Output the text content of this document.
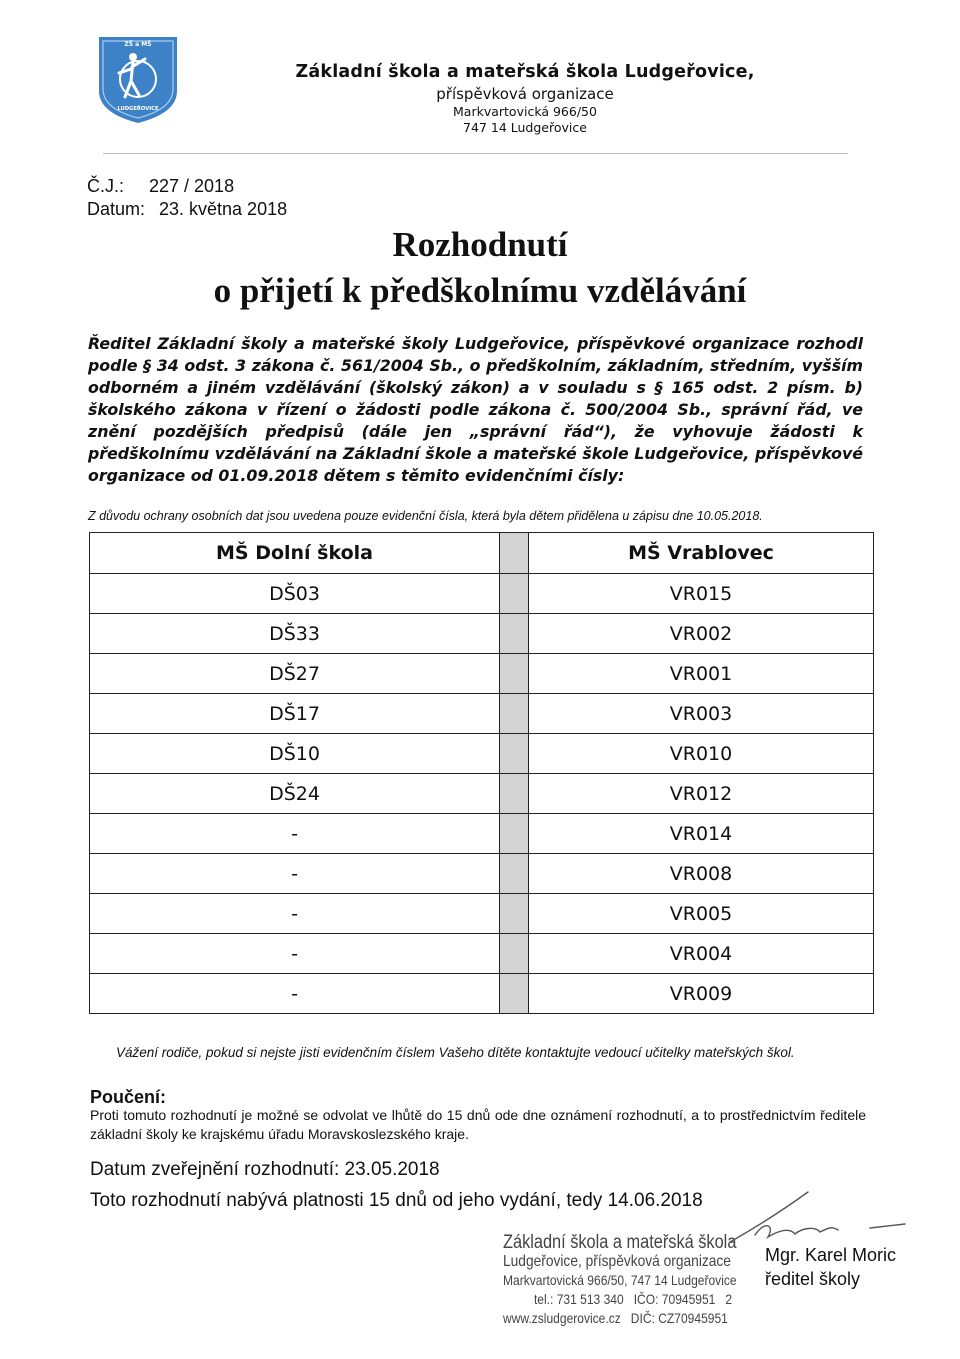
ZŠ a MŠ
LUDGEŘOVICE
Základní škola a mateřská škola Ludgeřovice,
příspěvková organizace
Markvartovická 966/50
747 14 Ludgeřovice
Č.J.: 227 / 2018
Datum: 23. května 2018
Rozhodnutí
o přijetí k předškolnímu vzdělávání
Ředitel Základní školy a mateřské školy Ludgeřovice, příspěvkové organizace rozhodl podle § 34 odst. 3 zákona č. 561/2004 Sb., o předškolním, základním, středním, vyšším odborném a jiném vzdělávání (školský zákon) a v souladu s § 165 odst. 2 písm. b) školského zákona v řízení o žádosti podle zákona č. 500/2004 Sb., správní řád, ve znění pozdějších předpisů (dále jen „správní řád“), že vyhovuje žádosti k předškolnímu vzdělávání na Základní škole a mateřské škole Ludgeřovice, příspěvkové organizace od 01.09.2018 dětem s těmito evidenčními čísly:
Z důvodu ochrany osobních dat jsou uvedena pouze evidenční čísla, která byla dětem přidělena u zápisu dne 10.05.2018.
MŠ Dolní škola		MŠ Vrablovec
DŠ03		VR015
DŠ33		VR002
DŠ27		VR001
DŠ17		VR003
DŠ10		VR010
DŠ24		VR012
-		VR014
-		VR008
-		VR005
-		VR004
-		VR009
Vážení rodiče, pokud si nejste jisti evidenčním číslem Vašeho dítěte kontaktujte vedoucí učitelky mateřských škol.
Poučení:
Proti tomuto rozhodnutí je možné se odvolat ve lhůtě do 15 dnů ode dne oznámení rozhodnutí, a to prostřednictvím ředitele základní školy ke krajskému úřadu Moravskoslezského kraje.
Datum zveřejnění rozhodnutí: 23.05.2018
Toto rozhodnutí nabývá platnosti 15 dnů od jeho vydání, tedy 14.06.2018
Základní škola a mateřská škola
Ludgeřovice, příspěvková organizace
Markvartovická 966/50, 747 14 Ludgeřovice
tel.: 731 513 340 IČO: 70945951 2
www.zsludgerovice.cz DIČ: CZ70945951
Mgr. Karel Moric
ředitel školy
